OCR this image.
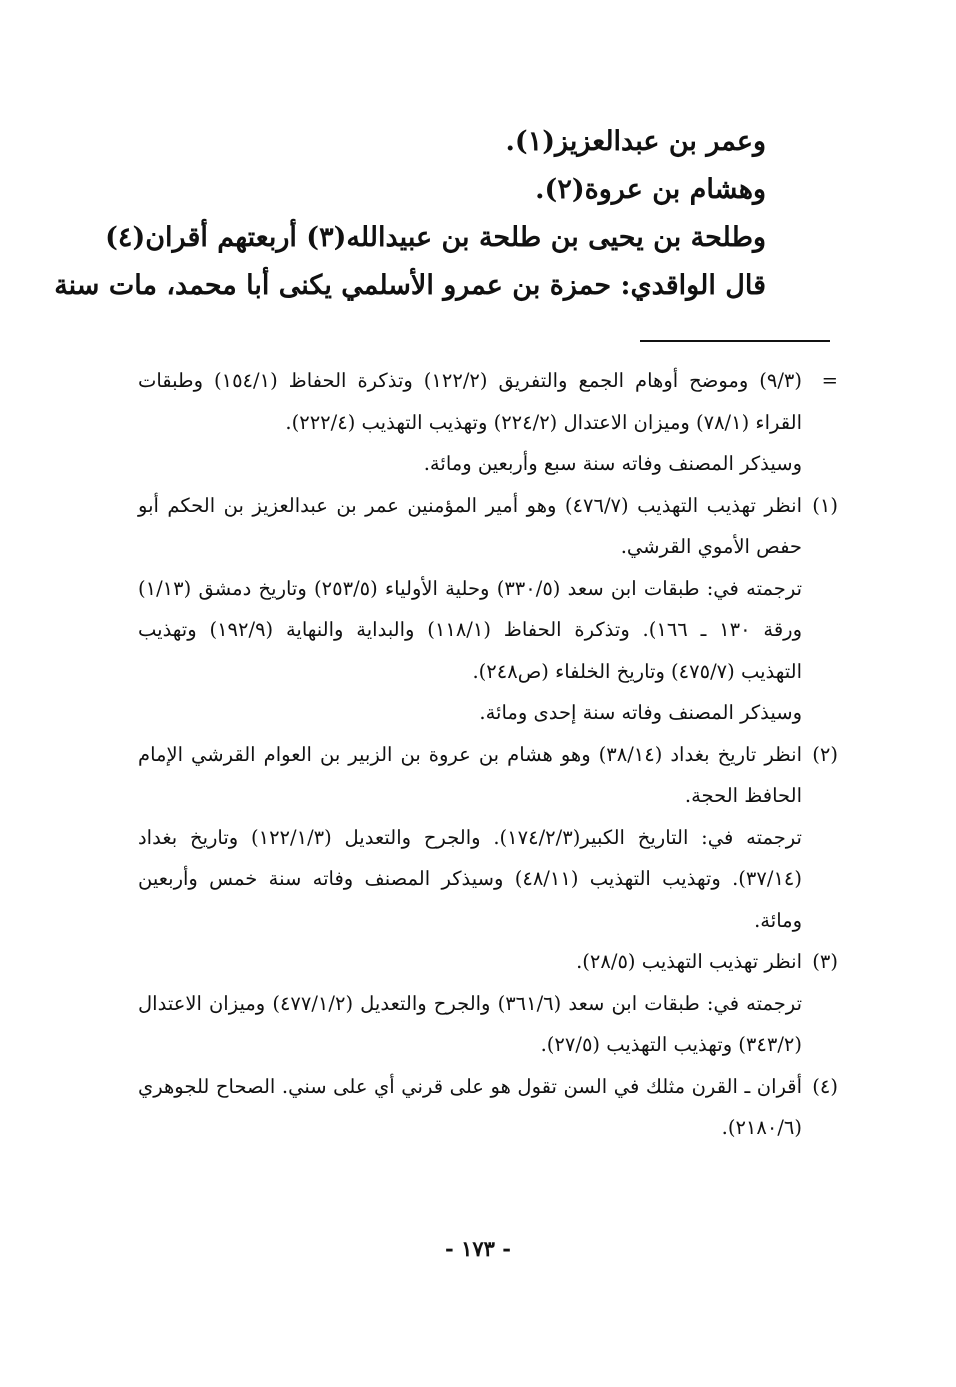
وعمر بن عبدالعزيز(١).
وهشام بن عروة(٢).
وطلحة بن يحيى بن طلحة بن عبيدالله(٣) أربعتهم أقران(٤)
قال الواقدي: حمزة بن عمرو الأسلمي يكنى أبا محمد، مات سنة
=

(٩/٣) وموضح أوهام الجمع والتفريق (١٢٢/٢) وتذكرة الحفاظ (١٥٤/١) وطبقات القراء (٧٨/١) وميزان الاعتدال (٢٢٤/٢) وتهذيب التهذيب (٢٢٢/٤).

وسيذكر المصنف وفاته سنة سبع وأربعين ومائة.

(١)

انظر تهذيب التهذيب (٤٧٦/٧) وهو أمير المؤمنين عمر بن عبدالعزيز بن الحكم أبو حفص الأموي القرشي.

ترجمته في: طبقات ابن سعد (٣٣٠/٥) وحلية الأولياء (٢٥٣/٥) وتاريخ دمشق (١/١٣) ورقة ١٣٠ ـ ١٦٦). وتذكرة الحفاظ (١١٨/١) والبداية والنهاية (١٩٢/٩) وتهذيب التهذيب (٤٧٥/٧) وتاريخ الخلفاء (ص٢٤٨).

وسيذكر المصنف وفاته سنة إحدى ومائة.

(٢)

انظر تاريخ بغداد (٣٨/١٤) وهو هشام بن عروة بن الزبير بن العوام القرشي الإمام الحافظ الحجة.

ترجمته في: التاريخ الكبير(١٧٤/٢/٣). والجرح والتعديل (١٢٢/١/٣) وتاريخ بغداد (٣٧/١٤). وتهذيب التهذيب (٤٨/١١) وسيذكر المصنف وفاته سنة خمس وأربعين ومائة.

(٣)

انظر تهذيب التهذيب (٢٨/٥).

ترجمته في: طبقات ابن سعد (٣٦١/٦) والجرح والتعديل (٤٧٧/١/٢) وميزان الاعتدال (٣٤٣/٢) وتهذيب التهذيب (٢٧/٥).

(٤)

أقران ـ القرن مثلك في السن تقول هو على قرني أي على سني. الصحاح للجوهري (٢١٨٠/٦).

- ١٧٣ -
